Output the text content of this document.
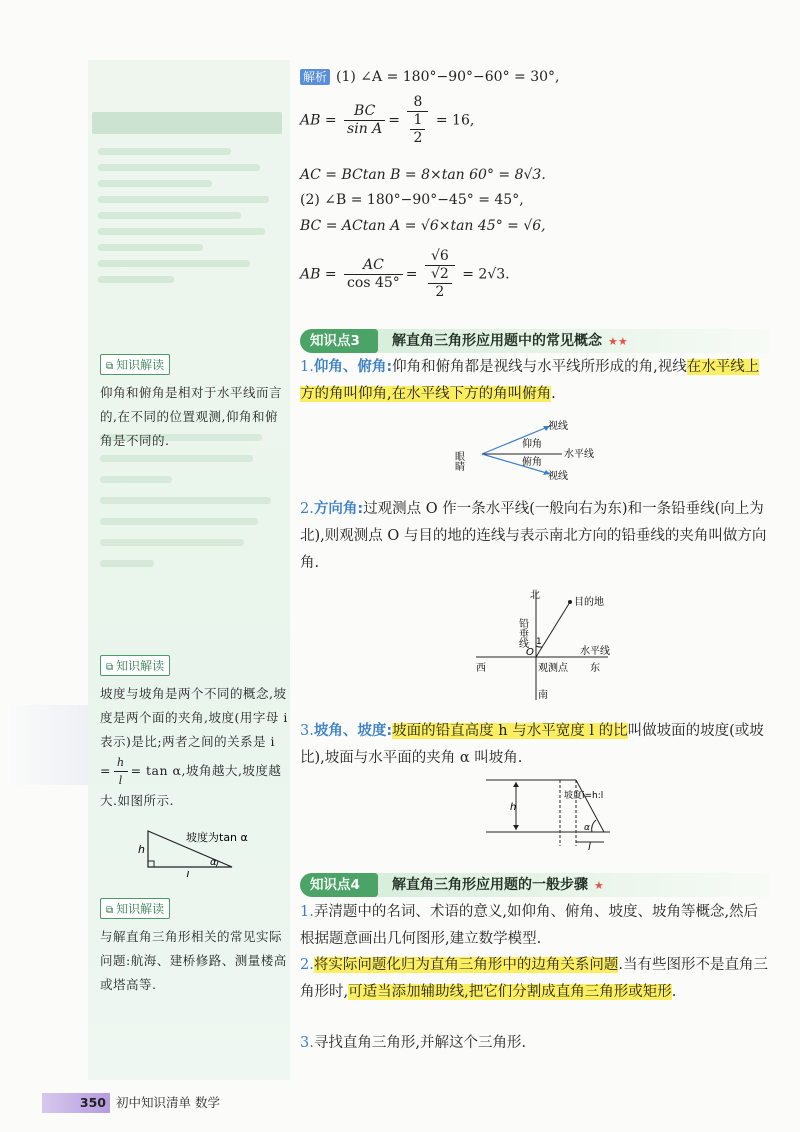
⧉ 知识解读

仰角和俯角是相对于水平线而言的,在不同的位置观测,仰角和俯角是不同的.

⧉ 知识解读

坡度与坡角是两个不同的概念,坡度是两个面的夹角,坡度(用字母 i 表示)是比;两者之间的关系是 $i = \frac{h}{l} = \tan \alpha$,坡角越大,坡度越大.如图所示.

坡度为tan α
h
l
α
⧉ 知识解读

与解直角三角形相关的常见实际问题:航海、建桥修路、测量楼高或塔高等.

解析 (1) ∠A = 180°−90°−60° = 30°,
AB = $\frac{BC}{\text{sin A}} = \frac{8}{\frac{1}{2}} = 16$,
AC = BCtan B = 8×tan 60° = 8√3.
(2) ∠B = 180°−90°−45° = 45°,
BC = ACtan A = √6×tan 45° = √6,
AB = $\frac{AC}{\cos 45^\circ} = \frac{√6}{\frac{√2}{2}} = 2√3$.
知识点3	解直角三角形应用题中的常见概念 ★★
1.仰角、俯角:仰角和俯角都是视线与水平线所形成的角,视线在水平线上方的角叫仰角,在水平线下方的角叫俯角.
眼睛
视线
仰角
水平线
俯角
视线
2.方向角:过观测点 O 作一条水平线(一般向右为东)和一条铅垂线(向上为北),则观测点 O 与目的地的连线与表示南北方向的铅垂线的夹角叫做方向角.
北
铅垂线
目的地
1
O	水平线
西	观测点 东
南
3.坡角、坡度:坡面的铅直高度 h 与水平宽度 l 的比叫做坡面的坡度(或坡比),坡面与水平面的夹角 α 叫坡角.
h
坡度i=h:l
α
l
知识点4	解直角三角形应用题的一般步骤 ★
1.弄清题中的名词、术语的意义,如仰角、俯角、坡度、坡角等概念,然后根据题意画出几何图形,建立数学模型.
2.将实际问题化归为直角三角形中的边角关系问题.当有些图形不是直角三角形时,可适当添加辅助线,把它们分割成直角三角形或矩形.
3.寻找直角三角形,并解这个三角形.
350 初中知识清单 数学
